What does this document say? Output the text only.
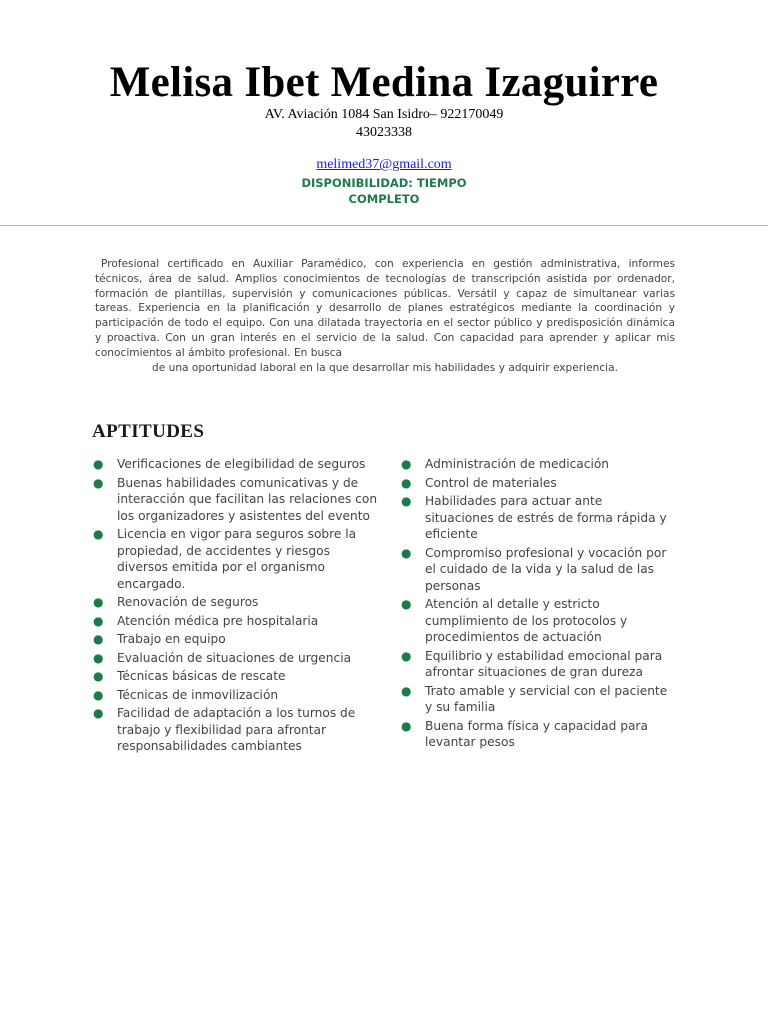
Melisa Ibet Medina Izaguirre
AV. Aviación 1084 San Isidro– 922170049
43023338
melimed37@gmail.com
DISPONIBILIDAD: TIEMPO COMPLETO
Profesional certificado en Auxiliar Paramédico, con experiencia en gestión administrativa, informes técnicos, área de salud. Amplios conocimientos de tecnologías de transcripción asistida por ordenador, formación de plantillas, supervisión y comunicaciones públicas. Versátil y capaz de simultanear varias tareas. Experiencia en la planificación y desarrollo de planes estratégicos mediante la coordinación y participación de todo el equipo. Con una dilatada trayectoria en el sector público y predisposición dinámica y proactiva. Con un gran interés en el servicio de la salud. Con capacidad para aprender y aplicar mis conocimientos al ámbito profesional. En busca
de una oportunidad laboral en la que desarrollar mis habilidades y adquirir experiencia.
APTITUDES
● Verificaciones de elegibilidad de seguros
● Buenas habilidades comunicativas y de interacción que facilitan las relaciones con los organizadores y asistentes del evento
● Licencia en vigor para seguros sobre la propiedad, de accidentes y riesgos diversos emitida por el organismo encargado.
● Renovación de seguros
● Atención médica pre hospitalaria
● Trabajo en equipo
● Evaluación de situaciones de urgencia
● Técnicas básicas de rescate
● Técnicas de inmovilización
● Facilidad de adaptación a los turnos de trabajo y flexibilidad para afrontar responsabilidades cambiantes
● Administración de medicación
● Control de materiales
● Habilidades para actuar ante situaciones de estrés de forma rápida y eficiente
● Compromiso profesional y vocación por el cuidado de la vida y la salud de las personas
● Atención al detalle y estricto cumplimiento de los protocolos y procedimientos de actuación
● Equilibrio y estabilidad emocional para afrontar situaciones de gran dureza
● Trato amable y servicial con el paciente y su familia
● Buena forma física y capacidad para levantar pesos
